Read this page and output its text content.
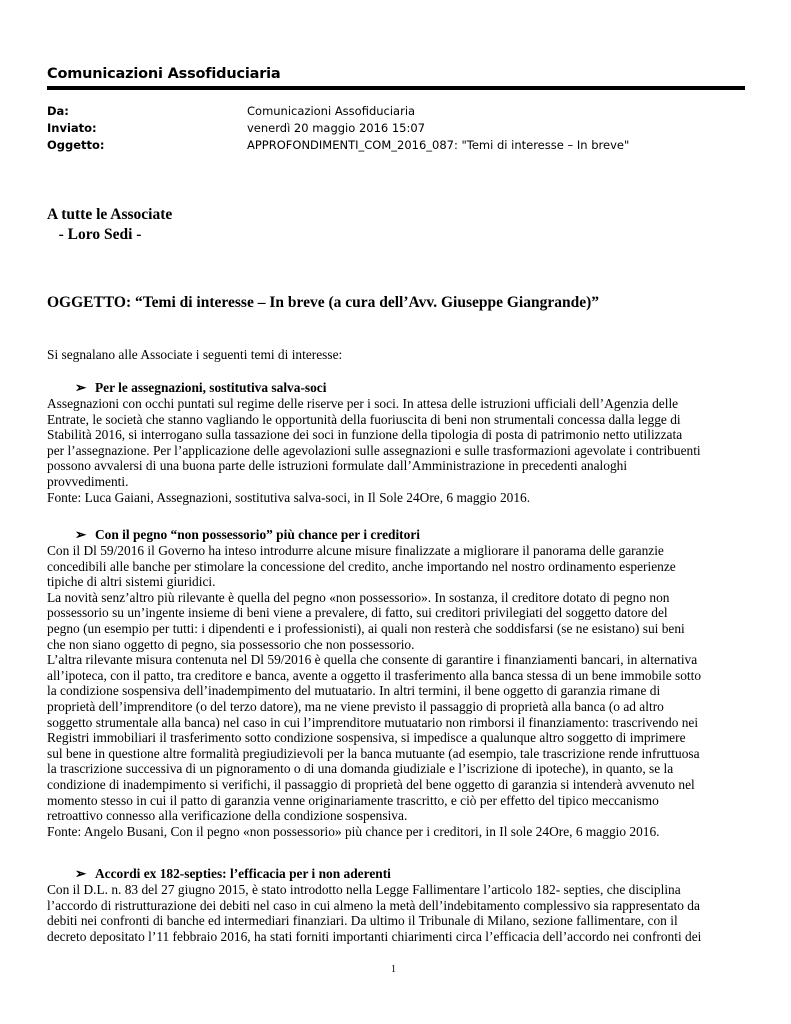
Comunicazioni Assofiduciaria
Da:	Comunicazioni Assofiduciaria
Inviato:	venerdì 20 maggio 2016 15:07
Oggetto:	APPROFONDIMENTI_COM_2016_087: "Temi di interesse – In breve"
A tutte le Associate
- Loro Sedi -
OGGETTO: “Temi di interesse – In breve (a cura dell’Avv. Giuseppe Giangrande)”
Si segnalano alle Associate i seguenti temi di interesse:
➢ Per le assegnazioni, sostitutiva salva-soci
Assegnazioni con occhi puntati sul regime delle riserve per i soci. In attesa delle istruzioni ufficiali dell’Agenzia delle
Entrate, le società che stanno vagliando le opportunità della fuoriuscita di beni non strumentali concessa dalla legge di
Stabilità 2016, si interrogano sulla tassazione dei soci in funzione della tipologia di posta di patrimonio netto utilizzata
per l’assegnazione. Per l’applicazione delle agevolazioni sulle assegnazioni e sulle trasformazioni agevolate i contribuenti
possono avvalersi di una buona parte delle istruzioni formulate dall’Amministrazione in precedenti analoghi
provvedimenti.
Fonte: Luca Gaiani, Assegnazioni, sostitutiva salva-soci, in Il Sole 24Ore, 6 maggio 2016.
➢ Con il pegno “non possessorio” più chance per i creditori
Con il Dl 59/2016 il Governo ha inteso introdurre alcune misure finalizzate a migliorare il panorama delle garanzie
concedibili alle banche per stimolare la concessione del credito, anche importando nel nostro ordinamento esperienze
tipiche di altri sistemi giuridici.
La novità senz’altro più rilevante è quella del pegno «non possessorio». In sostanza, il creditore dotato di pegno non
possessorio su un’ingente insieme di beni viene a prevalere, di fatto, sui creditori privilegiati del soggetto datore del
pegno (un esempio per tutti: i dipendenti e i professionisti), ai quali non resterà che soddisfarsi (se ne esistano) sui beni
che non siano oggetto di pegno, sia possessorio che non possessorio.
L’altra rilevante misura contenuta nel Dl 59/2016 è quella che consente di garantire i finanziamenti bancari, in alternativa
all’ipoteca, con il patto, tra creditore e banca, avente a oggetto il trasferimento alla banca stessa di un bene immobile sotto
la condizione sospensiva dell’inadempimento del mutuatario. In altri termini, il bene oggetto di garanzia rimane di
proprietà dell’imprenditore (o del terzo datore), ma ne viene previsto il passaggio di proprietà alla banca (o ad altro
soggetto strumentale alla banca) nel caso in cui l’imprenditore mutuatario non rimborsi il finanziamento: trascrivendo nei
Registri immobiliari il trasferimento sotto condizione sospensiva, si impedisce a qualunque altro soggetto di imprimere
sul bene in questione altre formalità pregiudizievoli per la banca mutuante (ad esempio, tale trascrizione rende infruttuosa
la trascrizione successiva di un pignoramento o di una domanda giudiziale e l’iscrizione di ipoteche), in quanto, se la
condizione di inadempimento si verifichi, il passaggio di proprietà del bene oggetto di garanzia si intenderà avvenuto nel
momento stesso in cui il patto di garanzia venne originariamente trascritto, e ciò per effetto del tipico meccanismo
retroattivo connesso alla verificazione della condizione sospensiva.
Fonte: Angelo Busani, Con il pegno «non possessorio» più chance per i creditori, in Il sole 24Ore, 6 maggio 2016.
➢ Accordi ex 182-septies: l’efficacia per i non aderenti
Con il D.L. n. 83 del 27 giugno 2015, è stato introdotto nella Legge Fallimentare l’articolo 182- septies, che disciplina
l’accordo di ristrutturazione dei debiti nel caso in cui almeno la metà dell’indebitamento complessivo sia rappresentato da
debiti nei confronti di banche ed intermediari finanziari. Da ultimo il Tribunale di Milano, sezione fallimentare, con il
decreto depositato l’11 febbraio 2016, ha stati forniti importanti chiarimenti circa l’efficacia dell’accordo nei confronti dei
1
